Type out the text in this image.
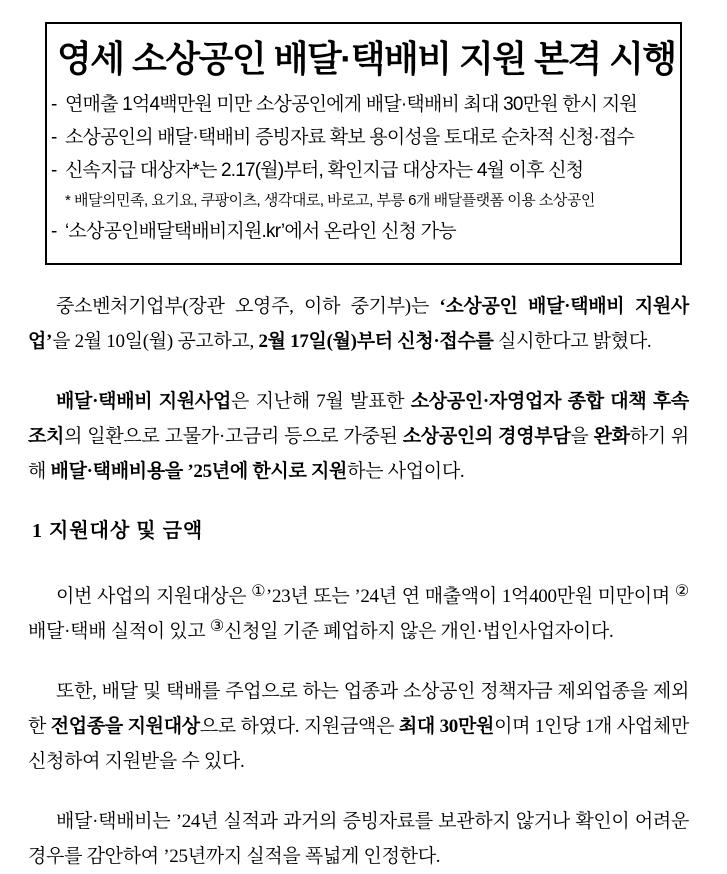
영세 소상공인 배달·택배비 지원 본격 시행
- 연매출 1억4백만원 미만 소상공인에게 배달·택배비 최대 30만원 한시 지원
- 소상공인의 배달·택배비 증빙자료 확보 용이성을 토대로 순차적 신청·접수
- 신속지급 대상자*는 2.17(월)부터, 확인지급 대상자는 4월 이후 신청
* 배달의민족, 요기요, 쿠팡이츠, 생각대로, 바로고, 부릉 6개 배달플랫폼 이용 소상공인
- ‘소상공인배달택배비지원.kr’에서 온라인 신청 가능

중소벤처기업부(장관 오영주, 이하 중기부)는 ‘소상공인 배달·택배비 지원사업’을 2월 10일(월) 공고하고, 2월 17일(월)부터 신청·접수를 실시한다고 밝혔다.

배달·택배비 지원사업은 지난해 7월 발표한 소상공인·자영업자 종합 대책 후속 조치의 일환으로 고물가·고금리 등으로 가중된 소상공인의 경영부담을 완화하기 위해 배달·택배비용을 ’25년에 한시로 지원하는 사업이다.

1 지원대상 및 금액

이번 사업의 지원대상은 ①’23년 또는 ’24년 연 매출액이 1억400만원 미만이며 ②배달·택배 실적이 있고 ③신청일 기준 폐업하지 않은 개인·법인사업자이다.

또한, 배달 및 택배를 주업으로 하는 업종과 소상공인 정책자금 제외업종을 제외한 전업종을 지원대상으로 하였다. 지원금액은 최대 30만원이며 1인당 1개 사업체만 신청하여 지원받을 수 있다.

배달·택배비는 ’24년 실적과 과거의 증빙자료를 보관하지 않거나 확인이 어려운 경우를 감안하여 ’25년까지 실적을 폭넓게 인정한다.
